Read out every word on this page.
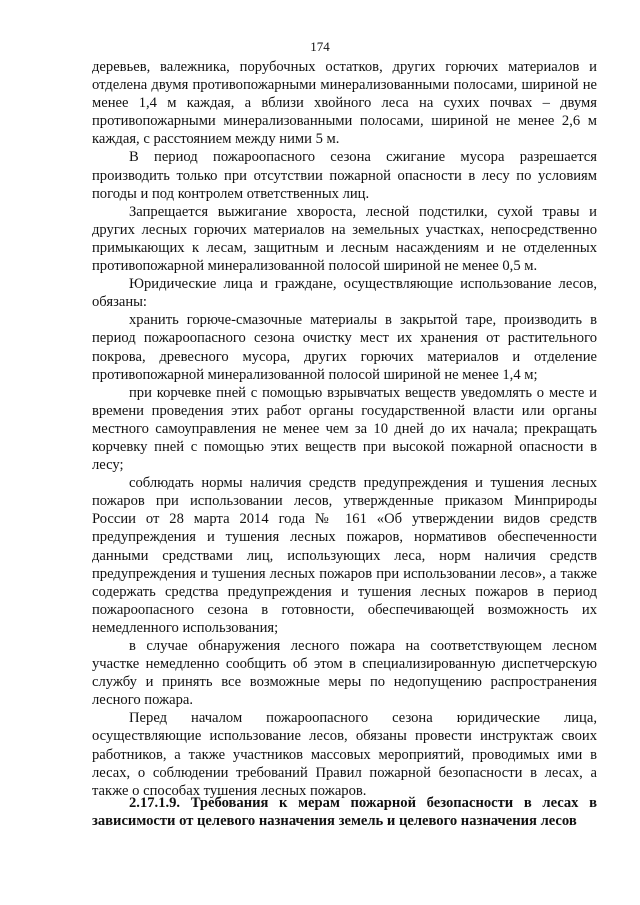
174

деревьев, валежника, порубочных остатков, других горючих материалов и отделена двумя противопожарными минерализованными полосами, шириной не менее 1,4 м каждая, а вблизи хвойного леса на сухих почвах – двумя противопожарными минерализованными полосами, шириной не менее 2,6 м каждая, с расстоянием между ними 5 м.

В период пожароопасного сезона сжигание мусора разрешается производить только при отсутствии пожарной опасности в лесу по условиям погоды и под контролем ответственных лиц.

Запрещается выжигание хвороста, лесной подстилки, сухой травы и других лесных горючих материалов на земельных участках, непосредственно примыкающих к лесам, защитным и лесным насаждениям и не отделенных противопожарной минерализованной полосой шириной не менее 0,5 м.

Юридические лица и граждане, осуществляющие использование лесов, обязаны:

хранить горюче-смазочные материалы в закрытой таре, производить в период пожароопасного сезона очистку мест их хранения от растительного покрова, древесного мусора, других горючих материалов и отделение противопожарной минерализованной полосой шириной не менее 1,4 м;

при корчевке пней с помощью взрывчатых веществ уведомлять о месте и времени проведения этих работ органы государственной власти или органы местного самоуправления не менее чем за 10 дней до их начала; прекращать корчевку пней с помощью этих веществ при высокой пожарной опасности в лесу;

соблюдать нормы наличия средств предупреждения и тушения лесных пожаров при использовании лесов, утвержденные приказом Минприроды России от 28 марта 2014 года № 161 «Об утверждении видов средств предупреждения и тушения лесных пожаров, нормативов обеспеченности данными средствами лиц, использующих леса, норм наличия средств предупреждения и тушения лесных пожаров при использовании лесов», а также содержать средства предупреждения и тушения лесных пожаров в период пожароопасного сезона в готовности, обеспечивающей возможность их немедленного использования;

в случае обнаружения лесного пожара на соответствующем лесном участке немедленно сообщить об этом в специализированную диспетчерскую службу и принять все возможные меры по недопущению распространения лесного пожара.

Перед началом пожароопасного сезона юридические лица, осуществляющие использование лесов, обязаны провести инструктаж своих работников, а также участников массовых мероприятий, проводимых ими в лесах, о соблюдении требований Правил пожарной безопасности в лесах, а также о способах тушения лесных пожаров.

2.17.1.9. Требования к мерам пожарной безопасности в лесах в зависимости от целевого назначения земель и целевого назначения лесов
